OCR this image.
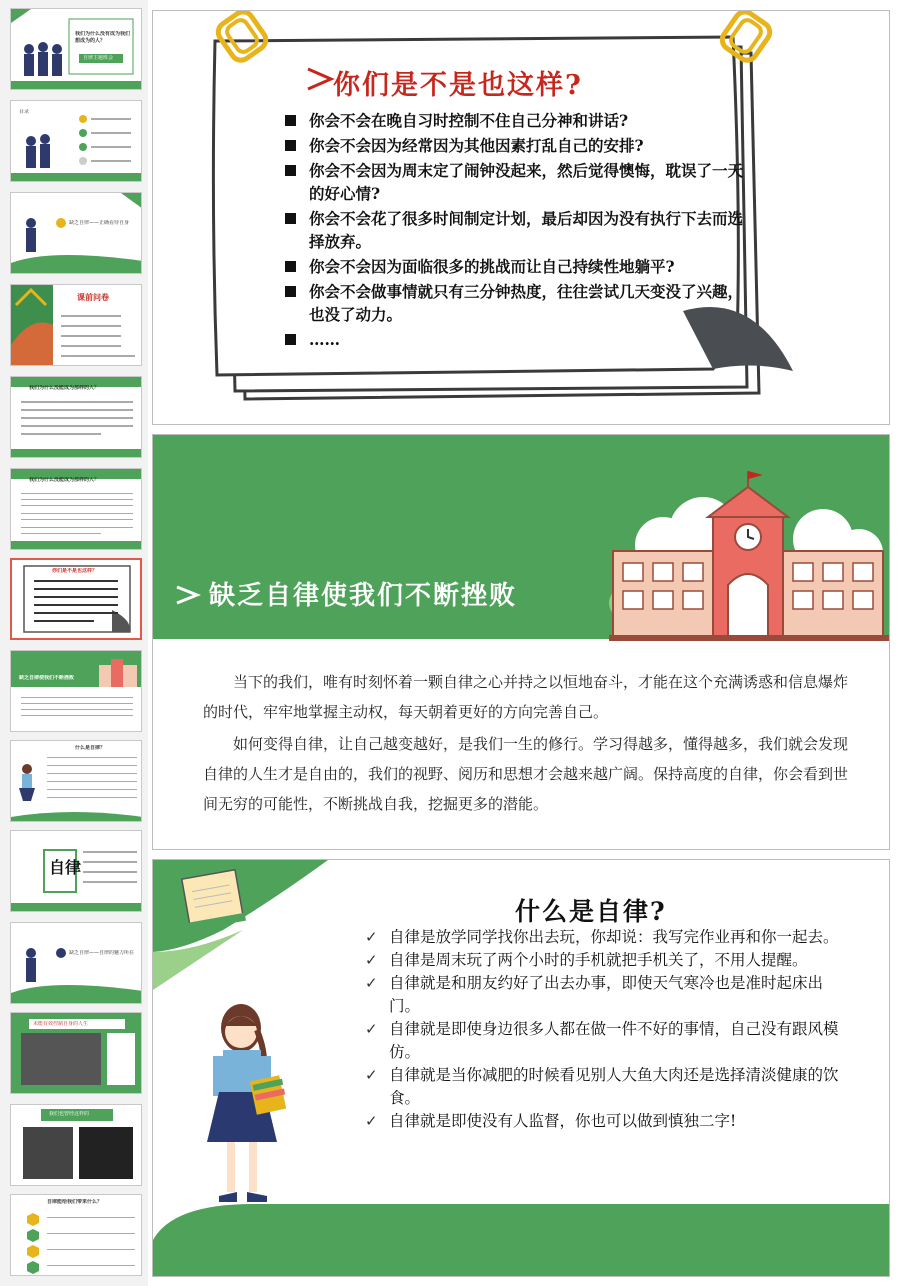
我们为什么没有成为我们想成为的人？
自律主题班会
目录
缺乏自律——正确看待自身
课前问卷
我们为什么没能成为那样的人？
我们为什么没能成为那样的人？
你们是不是也这样？
缺乏自律使我们不断挫败
什么是自律？
自律
缺乏自律——自律的魅力所在
未能有效控制自身的人生
我们也曾经这样的
自律能给我们带来什么？
你们是不是也这样?
你会不会在晚自习时控制不住自己分神和讲话?
你会不会因为经常因为其他因素打乱自己的安排?
你会不会因为周末定了闹钟没起来，然后觉得懊悔，耽误了一天的好心情?
你会不会花了很多时间制定计划，最后却因为没有执行下去而选择放弃。
你会不会因为面临很多的挑战而让自己持续性地躺平?
你会不会做事情就只有三分钟热度，往往尝试几天变没了兴趣，也没了动力。
……
缺乏自律使我们不断挫败

当下的我们，唯有时刻怀着一颗自律之心并持之以恒地奋斗，才能在这个充满诱惑和信息爆炸的时代，牢牢地掌握主动权，每天朝着更好的方向完善自己。

如何变得自律，让自己越变越好，是我们一生的修行。学习得越多，懂得越多，我们就会发现自律的人生才是自由的，我们的视野、阅历和思想才会越来越广阔。保持高度的自律，你会看到世间无穷的可能性，不断挑战自我，挖掘更多的潜能。

什么是自律?
✓ 自律是放学同学找你出去玩，你却说：我写完作业再和你一起去。
✓ 自律是周末玩了两个小时的手机就把手机关了，不用人提醒。
✓ 自律就是和朋友约好了出去办事，即使天气寒冷也是准时起床出门。
✓ 自律就是即使身边很多人都在做一件不好的事情，自己没有跟风模仿。
✓ 自律就是当你减肥的时候看见别人大鱼大肉还是选择清淡健康的饮食。
✓ 自律就是即使没有人监督，你也可以做到慎独二字!
